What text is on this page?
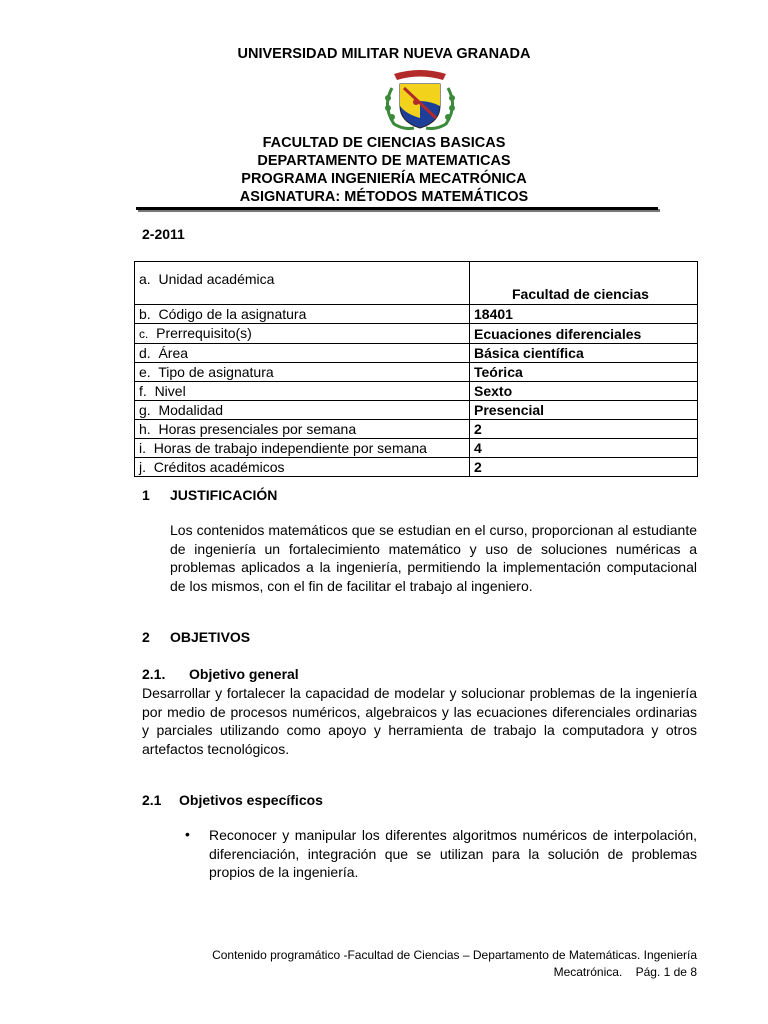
UNIVERSIDAD MILITAR NUEVA GRANADA
FACULTAD DE CIENCIAS BASICAS
DEPARTAMENTO DE MATEMATICAS
PROGRAMA INGENIERÍA MECATRÓNICA
ASIGNATURA: MÉTODOS MATEMÁTICOS
2-2011
a. Unidad académica	Facultad de ciencias
b. Código de la asignatura	18401
c. Prerrequisito(s)	Ecuaciones diferenciales
d. Área	Básica científica
e. Tipo de asignatura	Teórica
f. Nivel	Sexto
g. Modalidad	Presencial
h. Horas presenciales por semana	2
i. Horas de trabajo independiente por semana	4
j. Créditos académicos	2
1 JUSTIFICACIÓN
Los contenidos matemáticos que se estudian en el curso, proporcionan al estudiante de ingeniería un fortalecimiento matemático y uso de soluciones numéricas a problemas aplicados a la ingeniería, permitiendo la implementación computacional de los mismos, con el fin de facilitar el trabajo al ingeniero.
2 OBJETIVOS
2.1. Objetivo general
Desarrollar y fortalecer la capacidad de modelar y solucionar problemas de la ingeniería por medio de procesos numéricos, algebraicos y las ecuaciones diferenciales ordinarias y parciales utilizando como apoyo y herramienta de trabajo la computadora y otros artefactos tecnológicos.
2.1 Objetivos específicos
• Reconocer y manipular los diferentes algoritmos numéricos de interpolación, diferenciación, integración que se utilizan para la solución de problemas propios de la ingeniería.
Contenido programático -Facultad de Ciencias – Departamento de Matemáticas. Ingeniería
Mecatrónica.    Pág. 1 de 8
